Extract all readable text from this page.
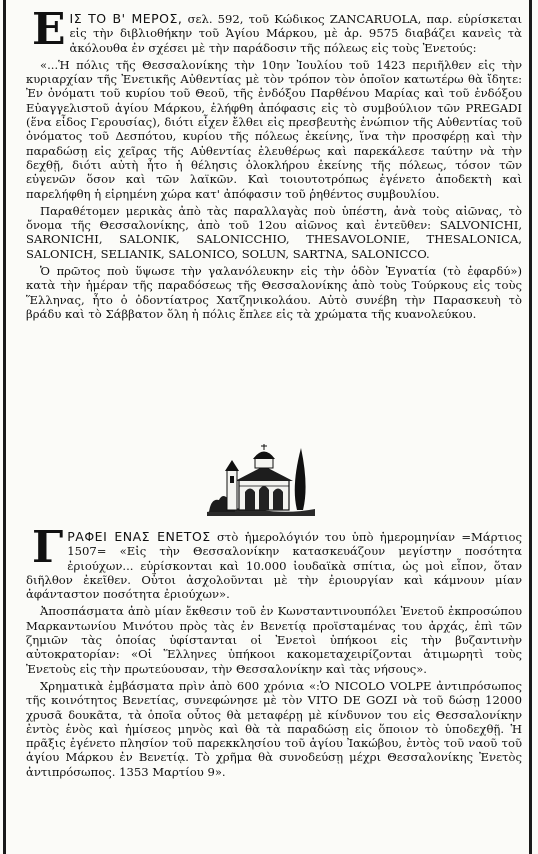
ΕΙΣ ΤΟ Β' ΜΕΡΟΣ, σελ. 592, τοῦ Κώδικος ZANCARUOLA, παρ. εὑρίσκεται εἰς τὴν διβλιοθήκην τοῦ Ἁγίου Μάρκου, μὲ ἀρ. 9575 διαβάζει κανεὶς τὰ ἀκόλουθα ἐν σχέσει μὲ τὴν παράδοσιν τῆς πόλεως εἰς τοὺς Ἐνετούς:

«...Ἡ πόλις τῆς Θεσσαλονίκης τὴν 10ην Ἰουλίου τοῦ 1423 περιῆλθεν εἰς τὴν κυριαρχίαν τῆς Ἐνετικῆς Αὐθεντίας μὲ τὸν τρόπον τὸν ὁποῖον κατωτέρω θὰ ἴδητε: Ἐν ὀνόματι τοῦ κυρίου τοῦ Θεοῦ, τῆς ἐνδόξου Παρθένου Μαρίας καὶ τοῦ ἐνδόξου Εὐαγγελιστοῦ ἁγίου Μάρκου, ἐλήφθη ἀπόφασις εἰς τὸ συμβούλιον τῶν PREGADI (ἕνα εἶδος Γερουσίας), διότι εἶχεν ἔλθει εἰς πρεσβευτὴς ἐνώπιον τῆς Αὐθεντίας τοῦ ὀνόματος τοῦ Δεσπότου, κυρίου τῆς πόλεως ἐκείνης, ἵνα τὴν προσφέρῃ καὶ τὴν παραδώσῃ εἰς χεῖρας τῆς Αὐθεντίας ἐλευθέρως καὶ παρεκάλεσε ταύτην νὰ τὴν δεχθῇ, διότι αὐτὴ ἦτο ἡ θέλησις ὁλοκλήρου ἐκείνης τῆς πόλεως, τόσον τῶν εὐγενῶν ὅσον καὶ τῶν λαϊκῶν. Καὶ τοιουτοτρόπως ἐγένετο ἀποδεκτὴ καὶ παρελήφθη ἡ εἰρημένη χώρα κατ' ἀπόφασιν τοῦ ῥηθέντος συμβουλίου.

Παραθέτομεν μερικὰς ἀπὸ τὰς παραλλαγὰς ποὺ ὑπέστη, ἀνὰ τοὺς αἰῶνας, τὸ ὄνομα τῆς Θεσσαλονίκης, ἀπὸ τοῦ 12ου αἰῶνος καὶ ἐντεῦθεν: SALVONICHI, SARONICHI, SALONIK, SALONICCHIO, THESAVOLONIE, THESALONICA, SALONICH, SELIANIK, SALONICO, SOLUN, SARTNA, SALONICCO.

Ὁ πρῶτος ποὺ ὕψωσε τὴν γαλανόλευκην εἰς τὴν ὁδὸν Ἐγνατία (τὸ ἐφαρδύ») κατὰ τὴν ἡμέραν τῆς παραδόσεως τῆς Θεσσαλονίκης ἀπὸ τοὺς Τούρκους εἰς τοὺς Ἕλληνας, ἦτο ὁ ὀδοντίατρος Χατζηνικολάου. Αὐτὸ συνέβη τὴν Παρασκευὴ τὸ βράδυ καὶ τὸ Σάββατον ὅλη ἡ πόλις ἔπλεε εἰς τὰ χρώματα τῆς κυανολεύκου.

ΓΡΑΦΕΙ ΕΝΑΣ ΕΝΕΤΟΣ στὸ ἡμερολόγιόν του ὑπὸ ἡμερομηνίαν =Μάρτιος 1507= «Εἰς τὴν Θεσσαλονίκην κατασκευάζουν μεγίστην ποσότητα ἐριούχων... εὑρίσκονται καὶ 10.000 ἰουδαϊκὰ σπίτια, ὡς μοὶ εἶπον, ὅταν διῆλθον ἐκεῖθεν. Οὗτοι ἀσχολοῦνται μὲ τὴν ἐριουργίαν καὶ κάμνουν μίαν ἀφάνταστον ποσότητα ἐριούχων».

Ἀποσπάσματα ἀπὸ μίαν ἔκθεσιν τοῦ ἐν Κωνσταντινουπόλει Ἐνετοῦ ἐκπροσώπου Μαρκαντωνίου Μινότου πρὸς τὰς ἐν Βενετίᾳ προϊσταμένας του ἀρχάς, ἐπὶ τῶν ζημιῶν τὰς ὁποίας ὑφίστανται οἱ Ἐνετοὶ ὑπήκοοι εἰς τὴν βυζαντινὴν αὐτοκρατορίαν: «Οἱ Ἕλληνες ὑπήκοοι κακομεταχειρίζονται ἀτιμωρητὶ τοὺς Ἐνετοὺς εἰς τὴν πρωτεύουσαν, τὴν Θεσσαλονίκην καὶ τὰς νήσους».

Χρηματικὰ ἐμβάσματα πρὶν ἀπὸ 600 χρόνια «:Ὁ NICOLO VOLPE ἀντιπρόσωπος τῆς κοινότητος Βενετίας, συνεφώνησε μὲ τὸν VITO DE GOZI νὰ τοῦ δώσῃ 12000 χρυσᾶ δουκᾶτα, τὰ ὁποῖα οὗτος θὰ μεταφέρῃ μὲ κίνδυνον του εἰς Θεσσαλονίκην ἐντὸς ἑνὸς καὶ ἡμίσεος μηνὸς καὶ θὰ τὰ παραδώσῃ εἰς ὅποιον τὸ ὑποδεχθῇ. Ἡ πρᾶξις ἐγένετο πλησίον τοῦ παρεκκλησίου τοῦ ἁγίου Ἰακώβου, ἐντὸς τοῦ ναοῦ τοῦ ἁγίου Μάρκου ἐν Βενετίᾳ. Τὸ χρῆμα θὰ συνοδεύσῃ μέχρι Θεσσαλονίκης Ἐνετὸς ἀντιπρόσωπος. 1353 Μαρτίου 9».
